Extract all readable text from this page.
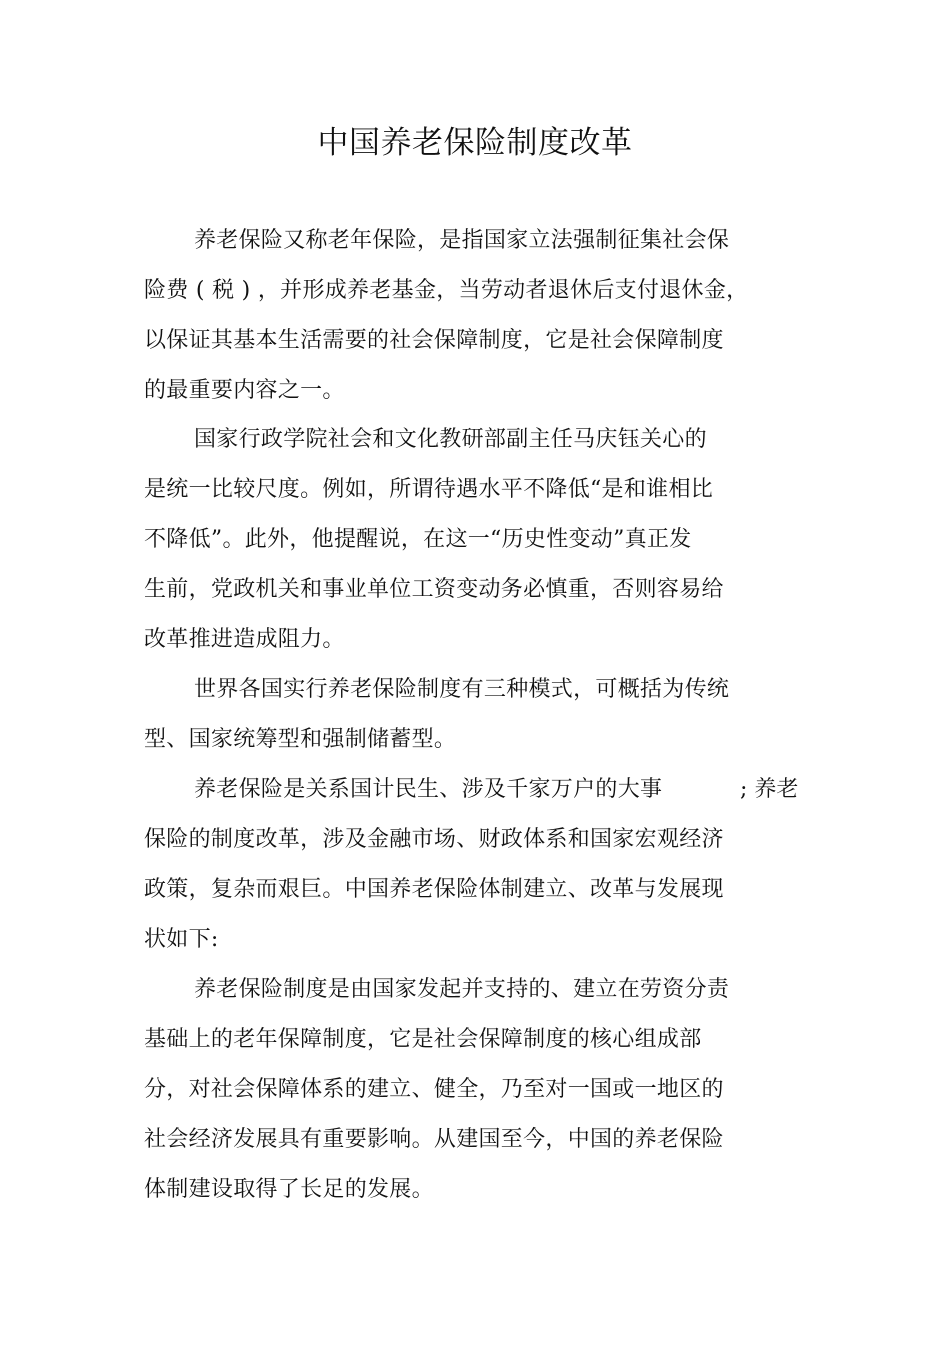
中国养老保险制度改革
养老保险又称老年保险，是指国家立法强制征集社会保
险费 ( 税 ) ，并形成养老基金，当劳动者退休后支付退休金，
以保证其基本生活需要的社会保障制度，它是社会保障制度
的最重要内容之一。
国家行政学院社会和文化教研部副主任马庆钰关心的
是统一比较尺度。例如，所谓待遇水平不降低“是和谁相比
不降低”。此外，他提醒说，在这一“历史性变动”真正发
生前，党政机关和事业单位工资变动务必慎重，否则容易给
改革推进造成阻力。
世界各国实行养老保险制度有三种模式，可概括为传统
型、国家统筹型和强制储蓄型。
养老保险是关系国计民生、涉及千家万户的大事	; 养老
保险的制度改革，涉及金融市场、财政体系和国家宏观经济
政策，复杂而艰巨。中国养老保险体制建立、改革与发展现
状如下:
养老保险制度是由国家发起并支持的、建立在劳资分责
基础上的老年保障制度，它是社会保障制度的核心组成部
分，对社会保障体系的建立、健全，乃至对一国或一地区的
社会经济发展具有重要影响。从建国至今，中国的养老保险
体制建设取得了长足的发展。
